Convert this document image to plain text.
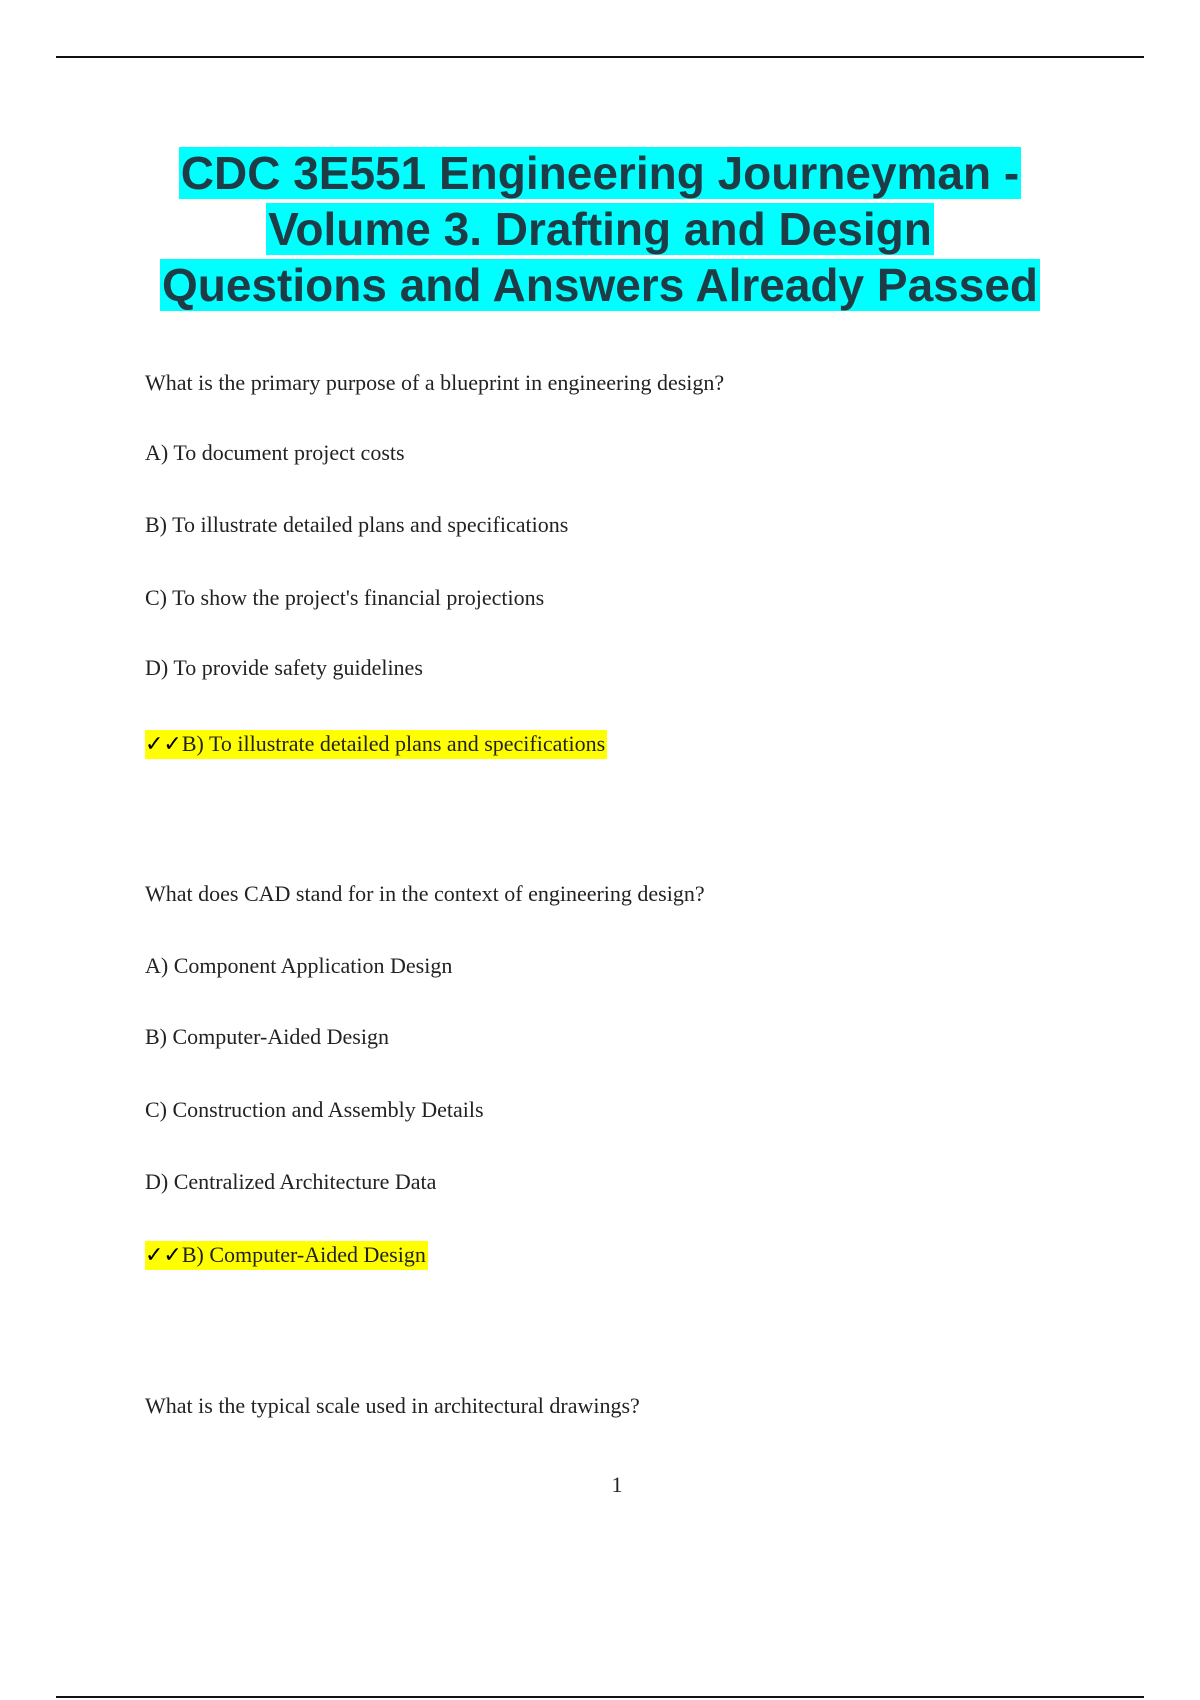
CDC 3E551 Engineering Journeyman -
Volume 3. Drafting and Design
Questions and Answers Already Passed
What is the primary purpose of a blueprint in engineering design?
A) To document project costs
B) To illustrate detailed plans and specifications
C) To show the project's financial projections
D) To provide safety guidelines
✓✓B) To illustrate detailed plans and specifications
What does CAD stand for in the context of engineering design?
A) Component Application Design
B) Computer-Aided Design
C) Construction and Assembly Details
D) Centralized Architecture Data
✓✓B) Computer-Aided Design
What is the typical scale used in architectural drawings?
1
